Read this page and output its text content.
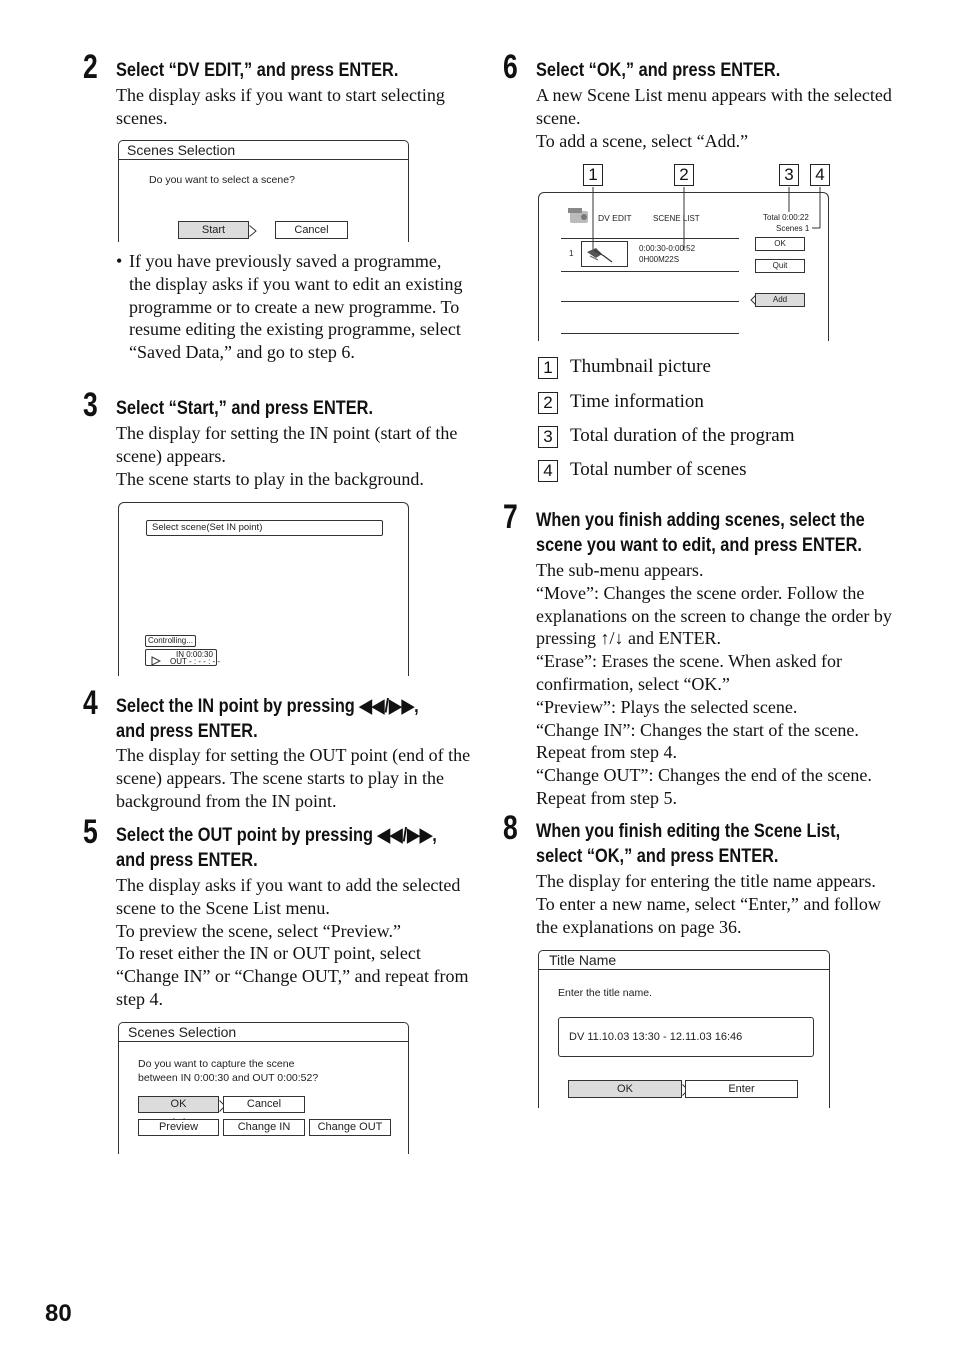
2 Select “DV EDIT,” and press ENTER.

The display asks if you want to start selecting scenes.

Scenes Selection
Do you want to select a scene?
Start	Cancel
• If you have previously saved a programme, the display asks if you want to edit an existing programme or to create a new programme. To resume editing the existing programme, select “Saved Data,” and go to step 6.
3 Select “Start,” and press ENTER.

The display for setting the IN point (start of the scene) appears.

The scene starts to play in the background.

Select scene(Set IN point)
Controlling...
IN 0:00:30
OUT - : - - : - -
4 Select the IN point by pressing ◀◀/▶▶,
and press ENTER.

The display for setting the OUT point (end of the scene) appears. The scene starts to play in the background from the IN point.

5 Select the OUT point by pressing ◀◀/▶▶,
and press ENTER.

The display asks if you want to add the selected scene to the Scene List menu.

To preview the scene, select “Preview.”

To reset either the IN or OUT point, select “Change IN” or “Change OUT,” and repeat from step 4.

Scenes Selection
Do you want to capture the scene
between IN 0:00:30 and OUT 0:00:52?
OK	Cancel
Preview	Change IN	Change OUT
80
6 Select “OK,” and press ENTER.

A new Scene List menu appears with the selected scene.

To add a scene, select “Add.”

1	2	3	4
DV EDIT	SCENE LIST	Total 0:00:22
Scenes 1
1
0:00:30-0:00:52
0H00M22S
OK
Quit
Add
1 Thumbnail picture
2 Time information
3 Total duration of the program
4 Total number of scenes
7 When you finish adding scenes, select the
scene you want to edit, and press ENTER.

The sub-menu appears.

“Move”: Changes the scene order. Follow the explanations on the screen to change the order by pressing ↑/↓ and ENTER.

“Erase”: Erases the scene. When asked for confirmation, select “OK.”

“Preview”: Plays the selected scene.

“Change IN”: Changes the start of the scene. Repeat from step 4.

“Change OUT”: Changes the end of the scene. Repeat from step 5.

8 When you finish editing the Scene List,
select “OK,” and press ENTER.

The display for entering the title name appears. To enter a new name, select “Enter,” and follow the explanations on page 36.

Title Name
Enter the title name.
DV 11.10.03 13:30 - 12.11.03 16:46
OK	Enter
